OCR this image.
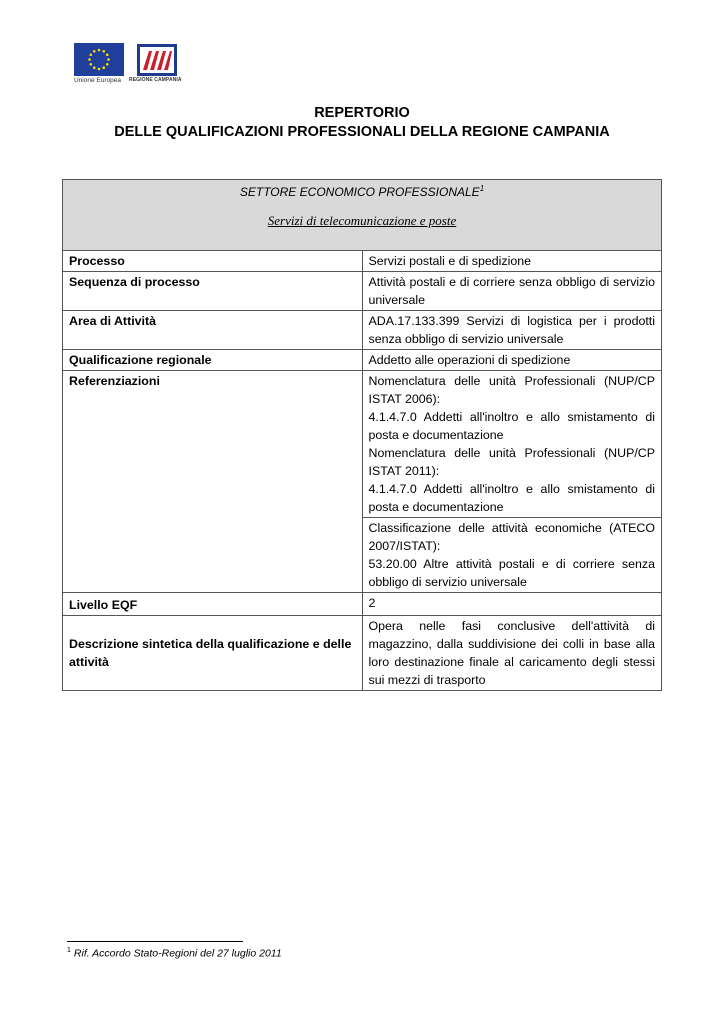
Unione Europea REGIONE CAMPANIA
REPERTORIO
DELLE QUALIFICAZIONI PROFESSIONALI DELLA REGIONE CAMPANIA
SETTORE ECONOMICO PROFESSIONALE$^1$
Servizi di telecomunicazione e poste	

Processo	Servizi postali e di spedizione
Sequenza di processo	Attività postali e di corriere senza obbligo di servizio universale
Area di Attività	ADA.17.133.399 Servizi di logistica per i prodotti senza obbligo di servizio universale
Qualificazione regionale	Addetto alle operazioni di spedizione
Referenziazioni	Nomenclatura delle unità Professionali (NUP/CP ISTAT 2006):
4.1.4.7.0 Addetti all'inoltro e allo smistamento di posta e documentazione
Nomenclatura delle unità Professionali (NUP/CP ISTAT 2011):
4.1.4.7.0 Addetti all'inoltro e allo smistamento di posta e documentazione

	Classificazione delle attività economiche (ATECO 2007/ISTAT):
53.20.00 Altre attività postali e di corriere senza obbligo di servizio universale

Livello EQF	2
Descrizione sintetica della qualificazione e delle attività	Opera nelle fasi conclusive dell'attività di magazzino, dalla suddivisione dei colli in base alla loro destinazione finale al caricamento degli stessi sui mezzi di trasporto
$^1$ Rif. Accordo Stato-Regioni del 27 luglio 2011
